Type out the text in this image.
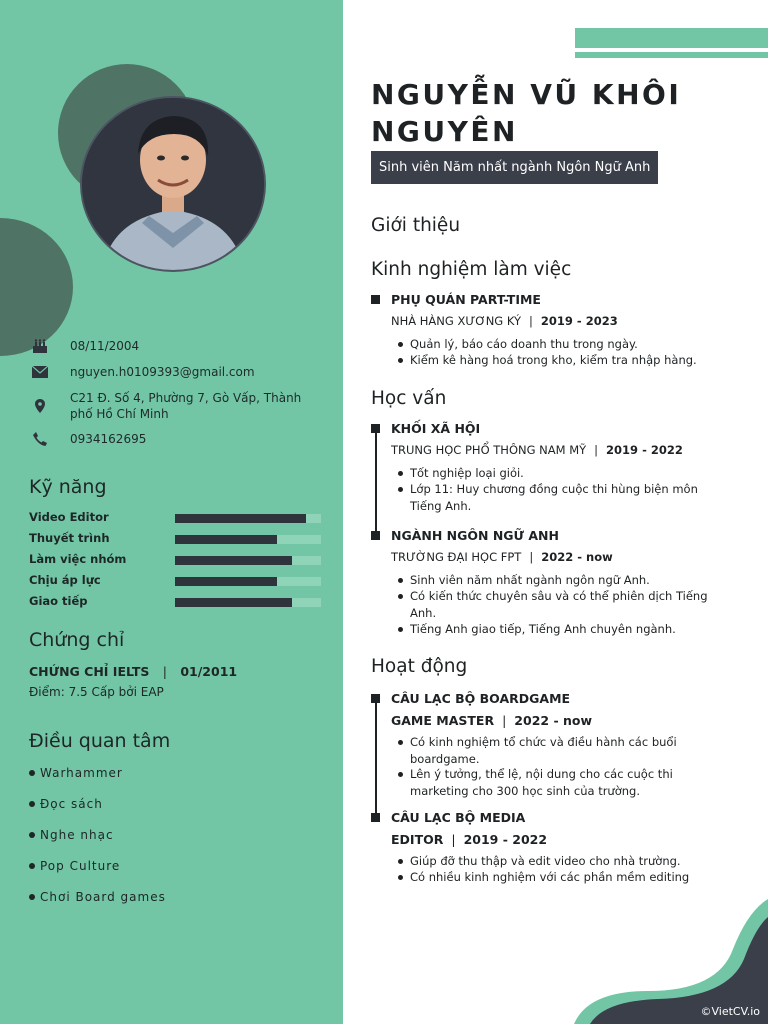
08/11/2004
nguyen.h0109393@gmail.com
C21 Đ. Số 4, Phường 7, Gò Vấp, Thành
phố Hồ Chí Minh
0934162695
Kỹ năng
Video Editor
Thuyết trình
Làm việc nhóm
Chịu áp lực
Giao tiếp
Chứng chỉ
CHỨNG CHỈ IELTS | 01/2011
Điểm: 7.5 Cấp bởi EAP
Điều quan tâm
Warhammer
Đọc sách
Nghe nhạc
Pop Culture
Chơi Board games
NGUYỄN VŨ KHÔI
NGUYÊN
Sinh viên Năm nhất ngành Ngôn Ngữ Anh
Giới thiệu
Kinh nghiệm làm việc
PHỤ QUÁN PART-TIME
NHÀ HÀNG XƯƠNG KÝ | 2019 - 2023
Quản lý, báo cáo doanh thu trong ngày.
Kiểm kê hàng hoá trong kho, kiểm tra nhập hàng.
Học vấn
KHỐI XÃ HỘI
TRUNG HỌC PHỔ THÔNG NAM MỸ | 2019 - 2022
Tốt nghiệp loại giỏi.
Lớp 11: Huy chương đồng cuộc thi hùng biện môn Tiếng Anh.
NGÀNH NGÔN NGỮ ANH
TRƯỜNG ĐẠI HỌC FPT | 2022 - now
Sinh viên năm nhất ngành ngôn ngữ Anh.
Có kiến thức chuyên sâu và có thể phiên dịch Tiếng Anh.
Tiếng Anh giao tiếp, Tiếng Anh chuyên ngành.
Hoạt động
CÂU LẠC BỘ BOARDGAME
GAME MASTER | 2022 - now
Có kinh nghiệm tổ chức và điều hành các buổi boardgame.
Lên ý tưởng, thể lệ, nội dung cho các cuộc thi marketing cho 300 học sinh của trường.
CÂU LẠC BỘ MEDIA
EDITOR | 2019 - 2022
Giúp đỡ thu thập và edit video cho nhà trường.
Có nhiều kinh nghiệm với các phần mềm editing
©VietCV.io
